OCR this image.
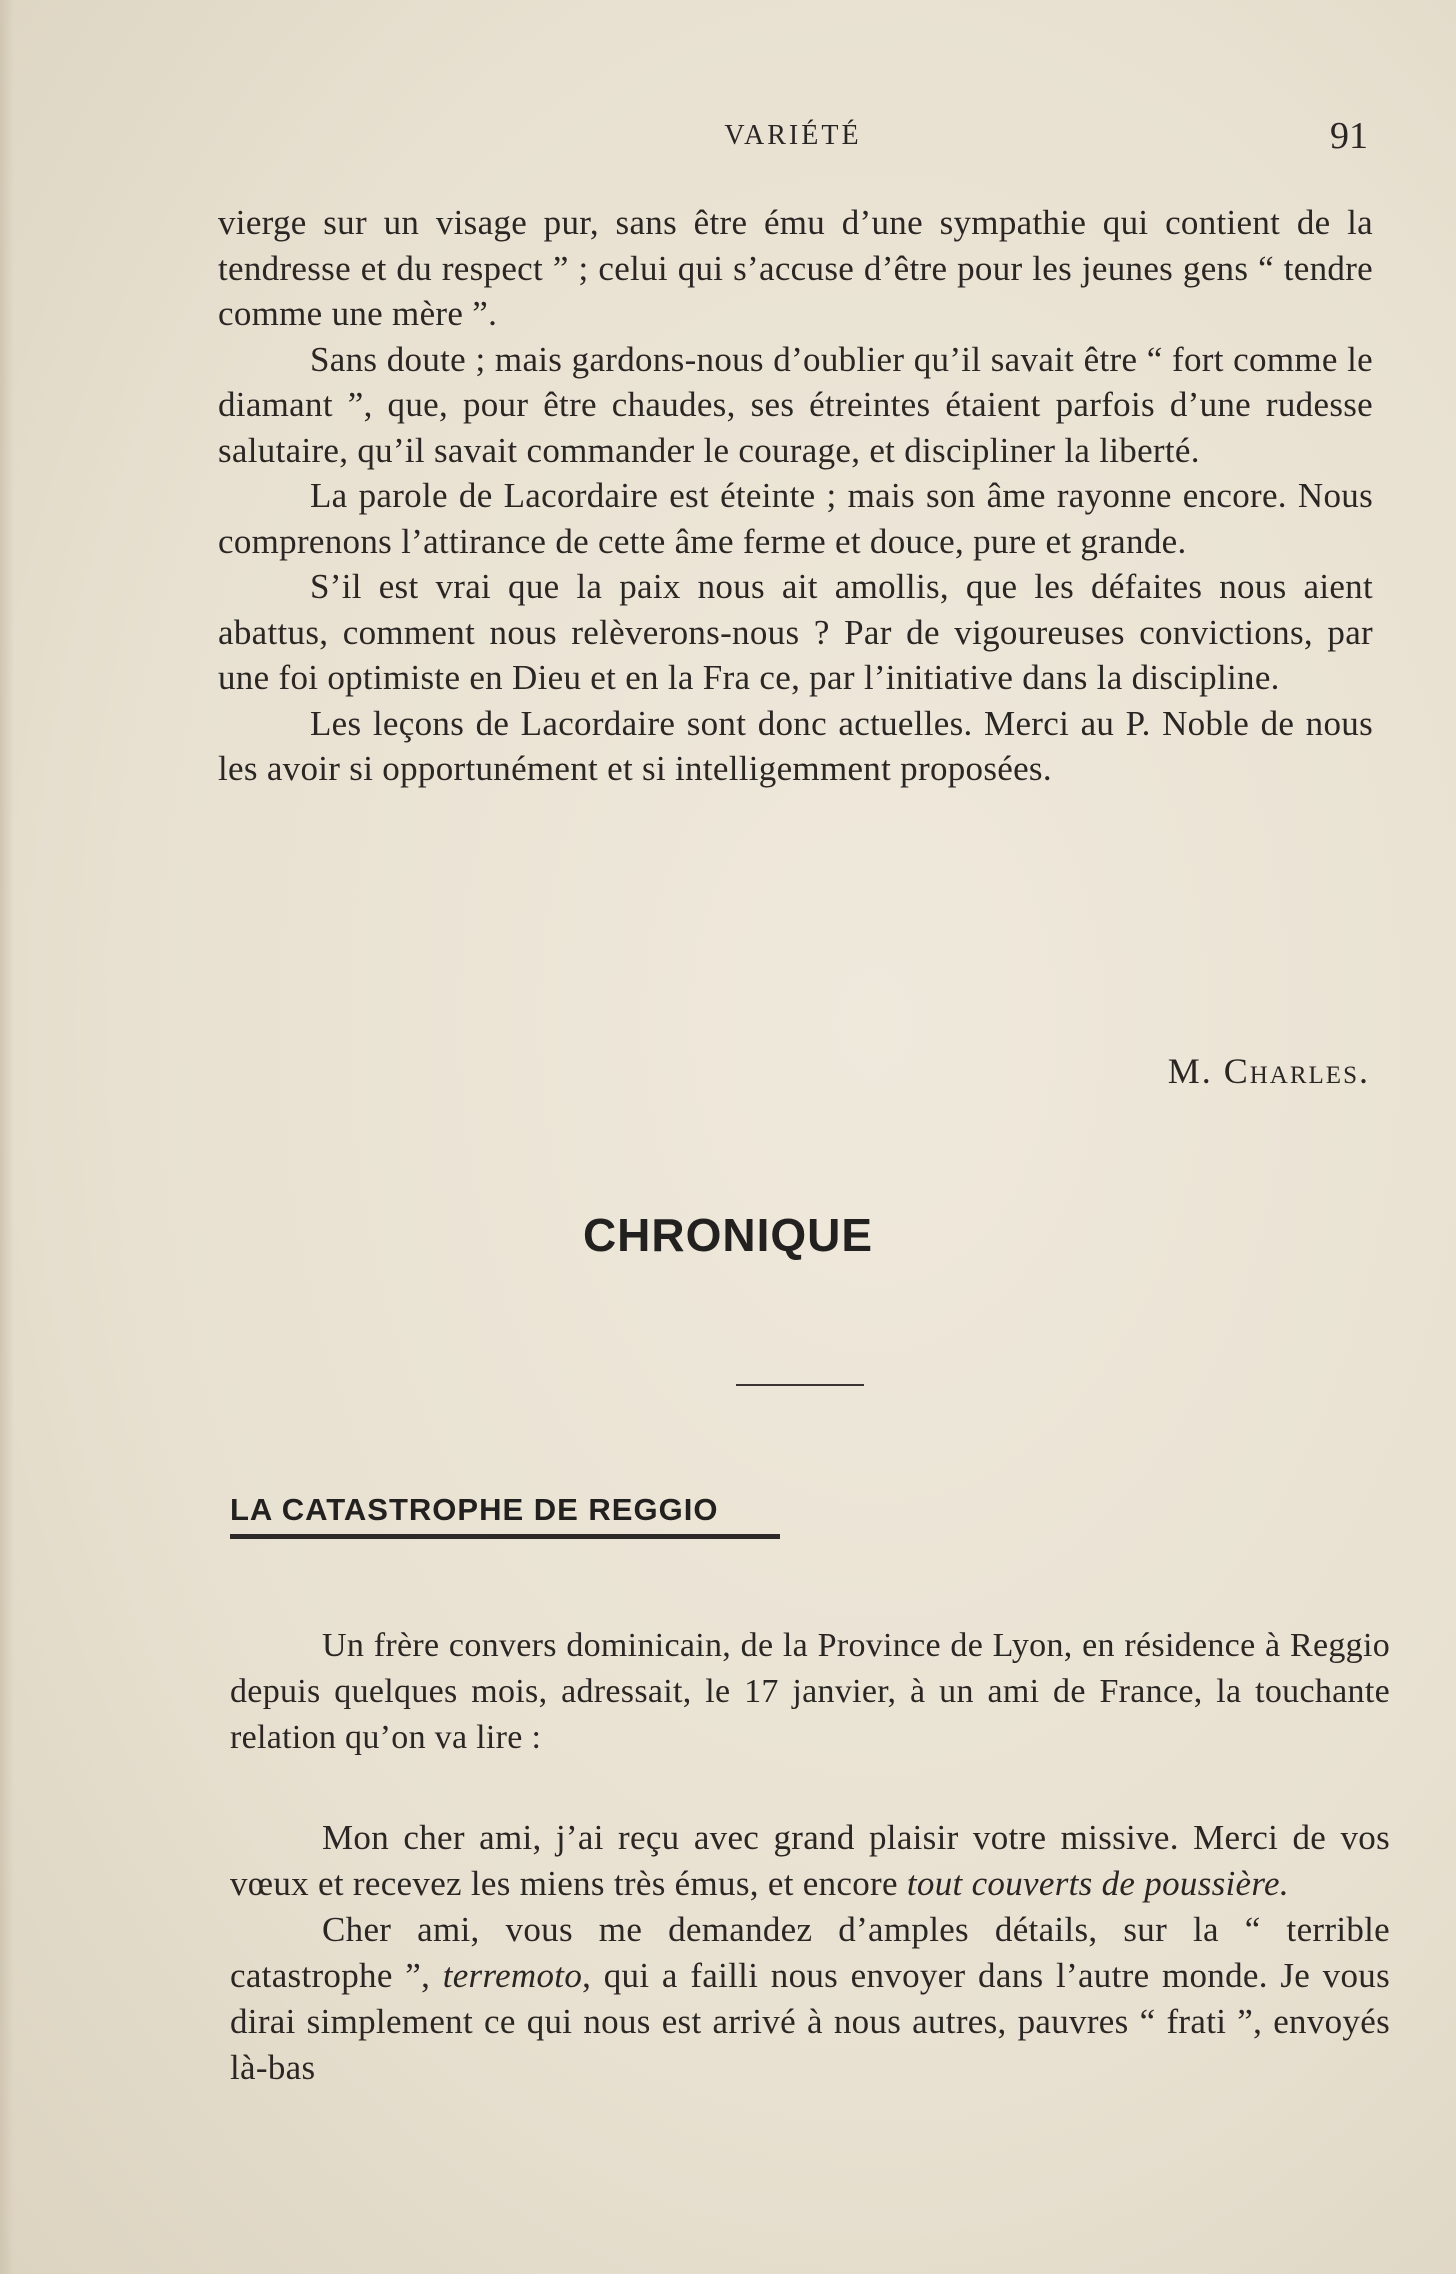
VARIÉTÉ	91

vierge sur un visage pur, sans être ému d’une sympathie qui contient de la tendresse et du respect ” ; celui qui s’accuse d’être pour les jeunes gens “ tendre comme une mère ”.

Sans doute ; mais gardons-nous d’oublier qu’il savait être “ fort comme le diamant ”, que, pour être chaudes, ses étreintes étaient parfois d’une rudesse salutaire, qu’il savait commander le courage, et discipliner la liberté.

La parole de Lacordaire est éteinte ; mais son âme rayonne encore. Nous comprenons l’attirance de cette âme ferme et douce, pure et grande.

S’il est vrai que la paix nous ait amollis, que les défaites nous aient abattus, comment nous relèverons-nous ? Par de vigoureuses convictions, par une foi optimiste en Dieu et en la Fra ce, par l’initiative dans la discipline.

Les leçons de Lacordaire sont donc actuelles. Merci au P. Noble de nous les avoir si opportunément et si intelligemment proposées.

M. Charles.
CHRONIQUE
LA CATASTROPHE DE REGGIO

Un frère convers dominicain, de la Province de Lyon, en résidence à Reggio depuis quelques mois, adressait, le 17 janvier, à un ami de France, la touchante relation qu’on va lire :

Mon cher ami, j’ai reçu avec grand plaisir votre missive. Merci de vos vœux et recevez les miens très émus, et encore tout couverts de poussière.

Cher ami, vous me demandez d’amples détails, sur la “ terrible catastrophe ”, terremoto, qui a failli nous envoyer dans l’autre monde. Je vous dirai simplement ce qui nous est arrivé à nous autres, pauvres “ frati ”, envoyés là-bas
